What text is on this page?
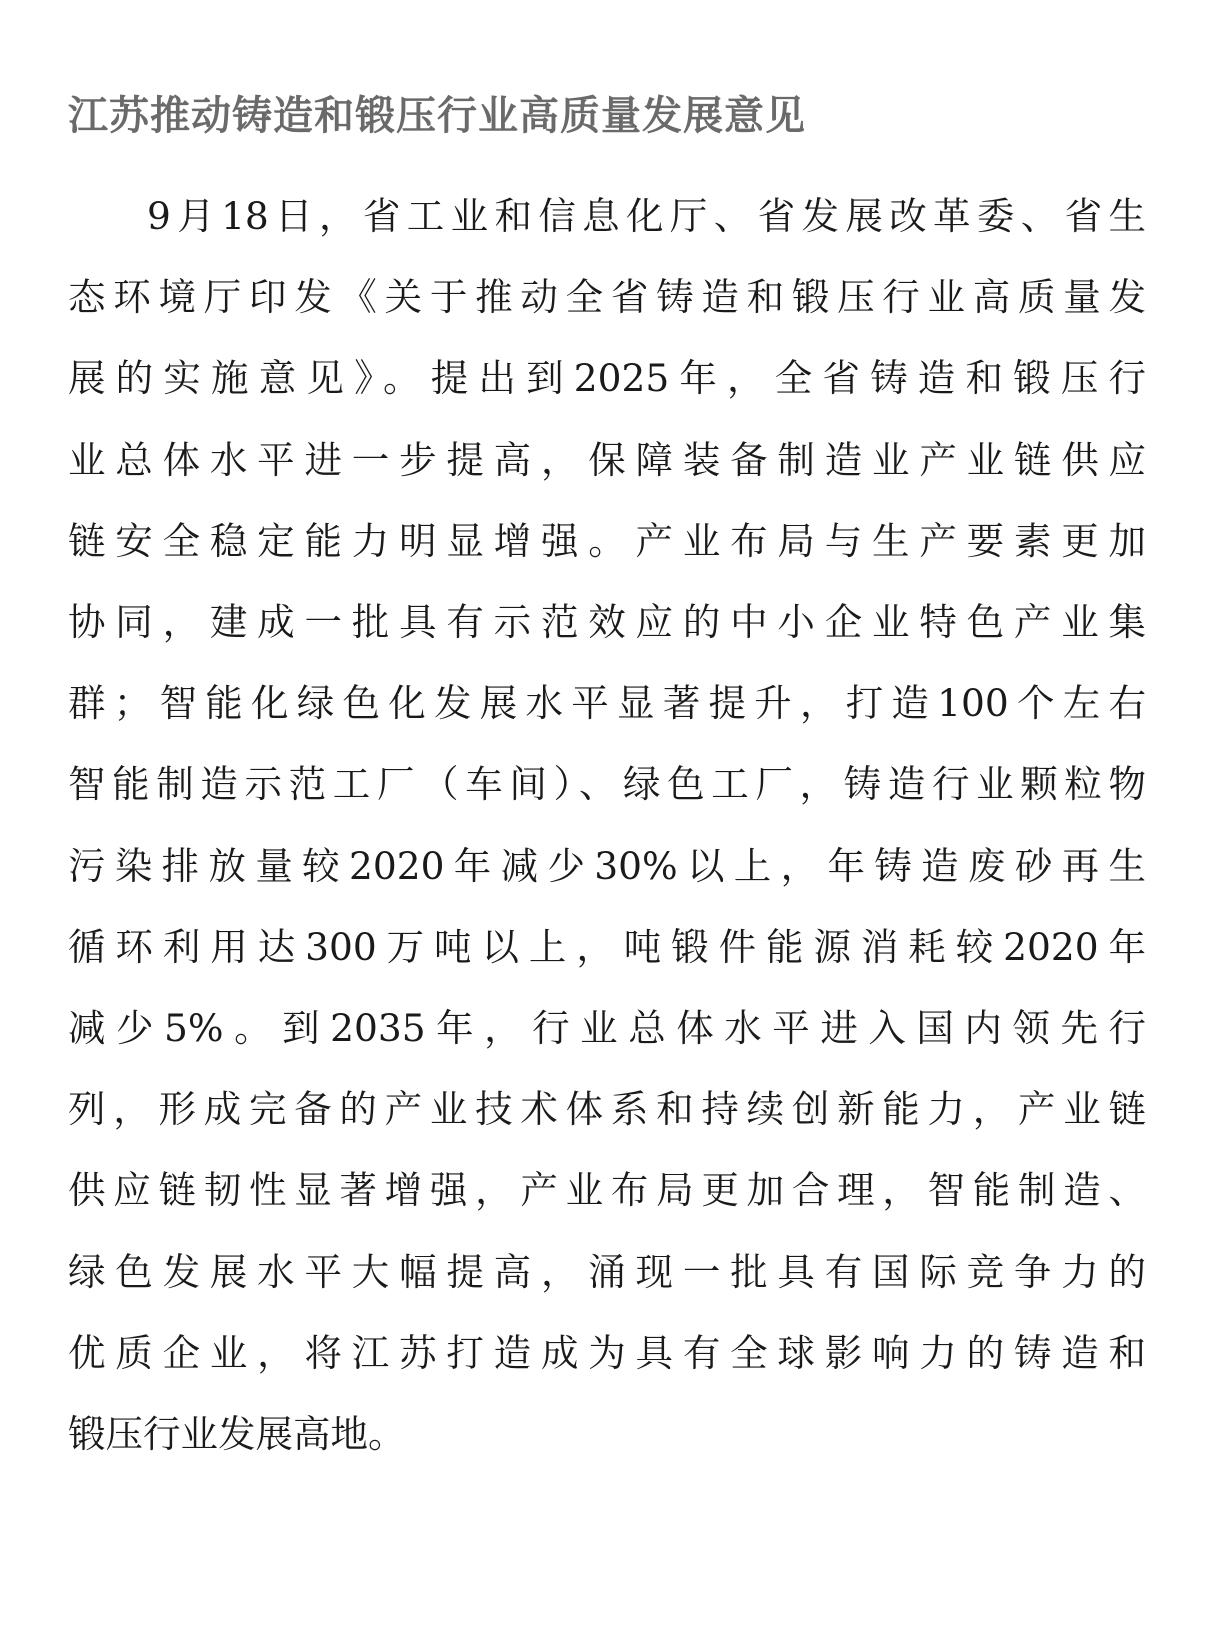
江苏推动铸造和锻压行业高质量发展意见
9月18日，省工业和信息化厅、省发展改革委、省生
态环境厅印发《关于推动全省铸造和锻压行业高质量发
展的实施意见》。提出到2025年，全省铸造和锻压行
业总体水平进一步提高，保障装备制造业产业链供应
链安全稳定能力明显增强。产业布局与生产要素更加
协同，建成一批具有示范效应的中小企业特色产业集
群；智能化绿色化发展水平显著提升，打造100个左右
智能制造示范工厂（车间）、绿色工厂，铸造行业颗粒物
污染排放量较2020年减少30%以上，年铸造废砂再生
循环利用达300万吨以上，吨锻件能源消耗较2020年
减少5%。到2035年，行业总体水平进入国内领先行
列，形成完备的产业技术体系和持续创新能力，产业链
供应链韧性显著增强，产业布局更加合理，智能制造、
绿色发展水平大幅提高，涌现一批具有国际竞争力的
优质企业，将江苏打造成为具有全球影响力的铸造和
锻压行业发展高地。
